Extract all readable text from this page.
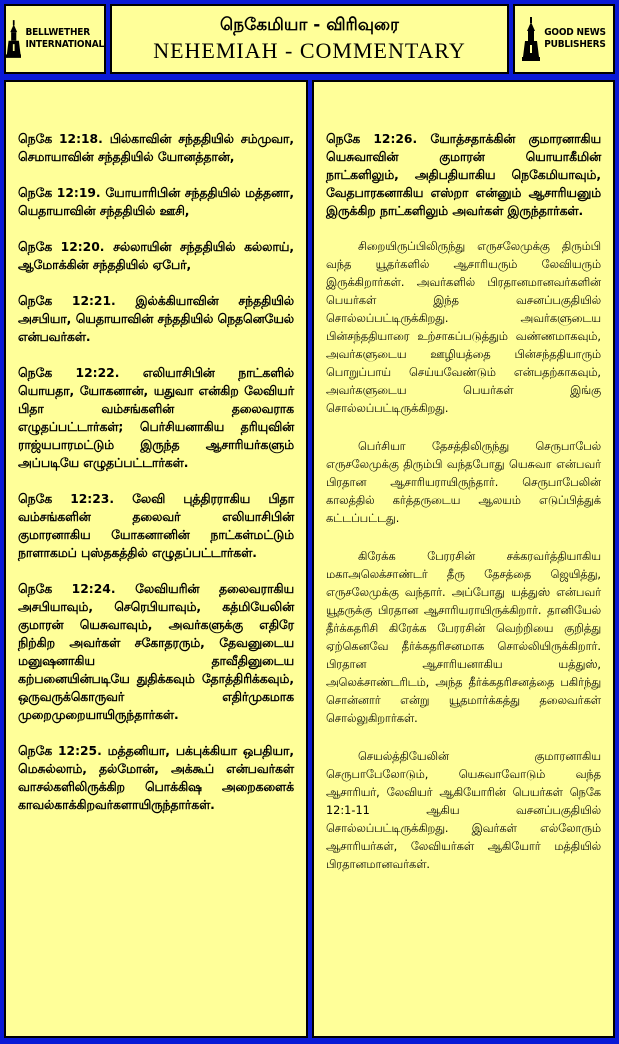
BELLWETHER
INTERNATIONAL
நெகேமியா - விரிவுரை
NEHEMIAH - COMMENTARY
GOOD NEWS
PUBLISHERS

நெகே 12:18. பில்காவின் சந்ததியில் சம்முவா, செமாயாவின் சந்ததியில் யோனத்தான்,

நெகே 12:19. யோயாரிபின் சந்ததியில் மத்தனா, யெதாயாவின் சந்ததியில் ஊசி,

நெகே 12:20. சல்லாயின் சந்ததியில் கல்லாய், ஆமோக்கின் சந்ததியில் ஏபேர்,

நெகே 12:21. இல்க்கியாவின் சந்ததியில் அசபியா, யெதாயாவின் சந்ததியில் நெதனெயேல் என்பவர்கள்.

நெகே 12:22. எலியாசிபின் நாட்களில் யொயதா, யோகனான், யதுவா என்கிற லேவியர் பிதா வம்சங்களின் தலைவராக எழுதப்பட்டார்கள்; பெர்சியனாகிய தரியுவின் ராஜ்யபாரமட்டும் இருந்த ஆசாரியர்களும் அப்படியே எழுதப்பட்டார்கள்.

நெகே 12:23. லேவி புத்திரராகிய பிதா வம்சங்களின் தலைவர் எலியாசிபின் குமாரனாகிய யோகனானின் நாட்கள்மட்டும் நாளாகமப் புஸ்தகத்தில் எழுதப்பட்டார்கள்.

நெகே 12:24. லேவியரின் தலைவராகிய அசபியாவும், செரெபியாவும், கத்மியேலின் குமாரன் யெசுவாவும், அவர்களுக்கு எதிரே நிற்கிற அவர்கள் சகோதரரும், தேவனுடைய மனுஷனாகிய தாவீதினுடைய கற்பனையின்படியே துதிக்கவும் தோத்திரிக்கவும், ஒருவருக்கொருவர் எதிர்முகமாக முறைமுறையாயிருந்தார்கள்.

நெகே 12:25. மத்தனியா, பக்புக்கியா ஒபதியா, மெசுல்லாம், தல்மோன், அக்கூப் என்பவர்கள் வாசல்களிலிருக்கிற பொக்கிஷ அறைகளைக் காவல்காக்கிறவர்களாயிருந்தார்கள்.

நெகே 12:26. யோத்சதாக்கின் குமாரனாகிய யெசுவாவின் குமாரன் யொயாகீமின் நாட்களிலும், அதிபதியாகிய நெகேமியாவும், வேதபாரகனாகிய எஸ்றா என்னும் ஆசாரியனும் இருக்கிற நாட்களிலும் அவர்கள் இருந்தார்கள்.

சிறையிருப்பிலிருந்து எருசலேமுக்கு திரும்பி வந்த யூதர்களில் ஆசாரியரும் லேவியரும் இருக்கிறார்கள். அவர்களில் பிரதானமானவர்களின் பெயர்கள் இந்த வசனப்பகுதியில் சொல்லப்பட்டிருக்கிறது. அவர்களுடைய பின்சந்ததியாரை உற்சாகப்படுத்தும் வண்ணமாகவும், அவர்களுடைய ஊழியத்தை பின்சந்ததியாரும் பொறுப்பாய் செய்யவேண்டும் என்பதற்காகவும், அவர்களுடைய பெயர்கள் இங்கு சொல்லப்பட்டிருக்கிறது.

பெர்சியா தேசத்திலிருந்து செருபாபேல் எருசலேமுக்கு திரும்பி வந்தபோது யெசுவா என்பவர் பிரதான ஆசாரியராயிருந்தார். செருபாபேலின் காலத்தில் கர்த்தருடைய ஆலயம் எடுப்பித்துக் கட்டப்பட்டது.

கிரேக்க பேரரசின் சக்கரவர்த்தியாகிய மகாஅலெக்சாண்டர் தீரு தேசத்தை ஜெயித்து, எருசலேமுக்கு வந்தார். அப்போது யத்துஸ் என்பவர் யூதருக்கு பிரதான ஆசாரியராயிருக்கிறார். தானியேல் தீர்க்கதரிசி கிரேக்க பேரரசின் வெற்றியை குறித்து ஏற்கெனவே தீர்க்கதரிசனமாக சொல்லியிருக்கிறார். பிரதான ஆசாரியனாகிய யத்துஸ், அலெக்சாண்டரிடம், அந்த தீர்க்கதரிசனத்தை பகிர்ந்து சொன்னார் என்று யூதமார்க்கத்து தலைவர்கள் சொல்லுகிறார்கள்.

செயல்த்தியேலின் குமாரனாகிய செருபாபேலோடும், யெசுவாவோடும் வந்த ஆசாரியர், லேவியர் ஆகியோரின் பெயர்கள் நெகே 12:1-11 ஆகிய வசனப்பகுதியில் சொல்லப்பட்டிருக்கிறது. இவர்கள் எல்லோரும் ஆசாரியர்கள், லேவியர்கள் ஆகியோர் மத்தியில் பிரதானமானவர்கள்.
